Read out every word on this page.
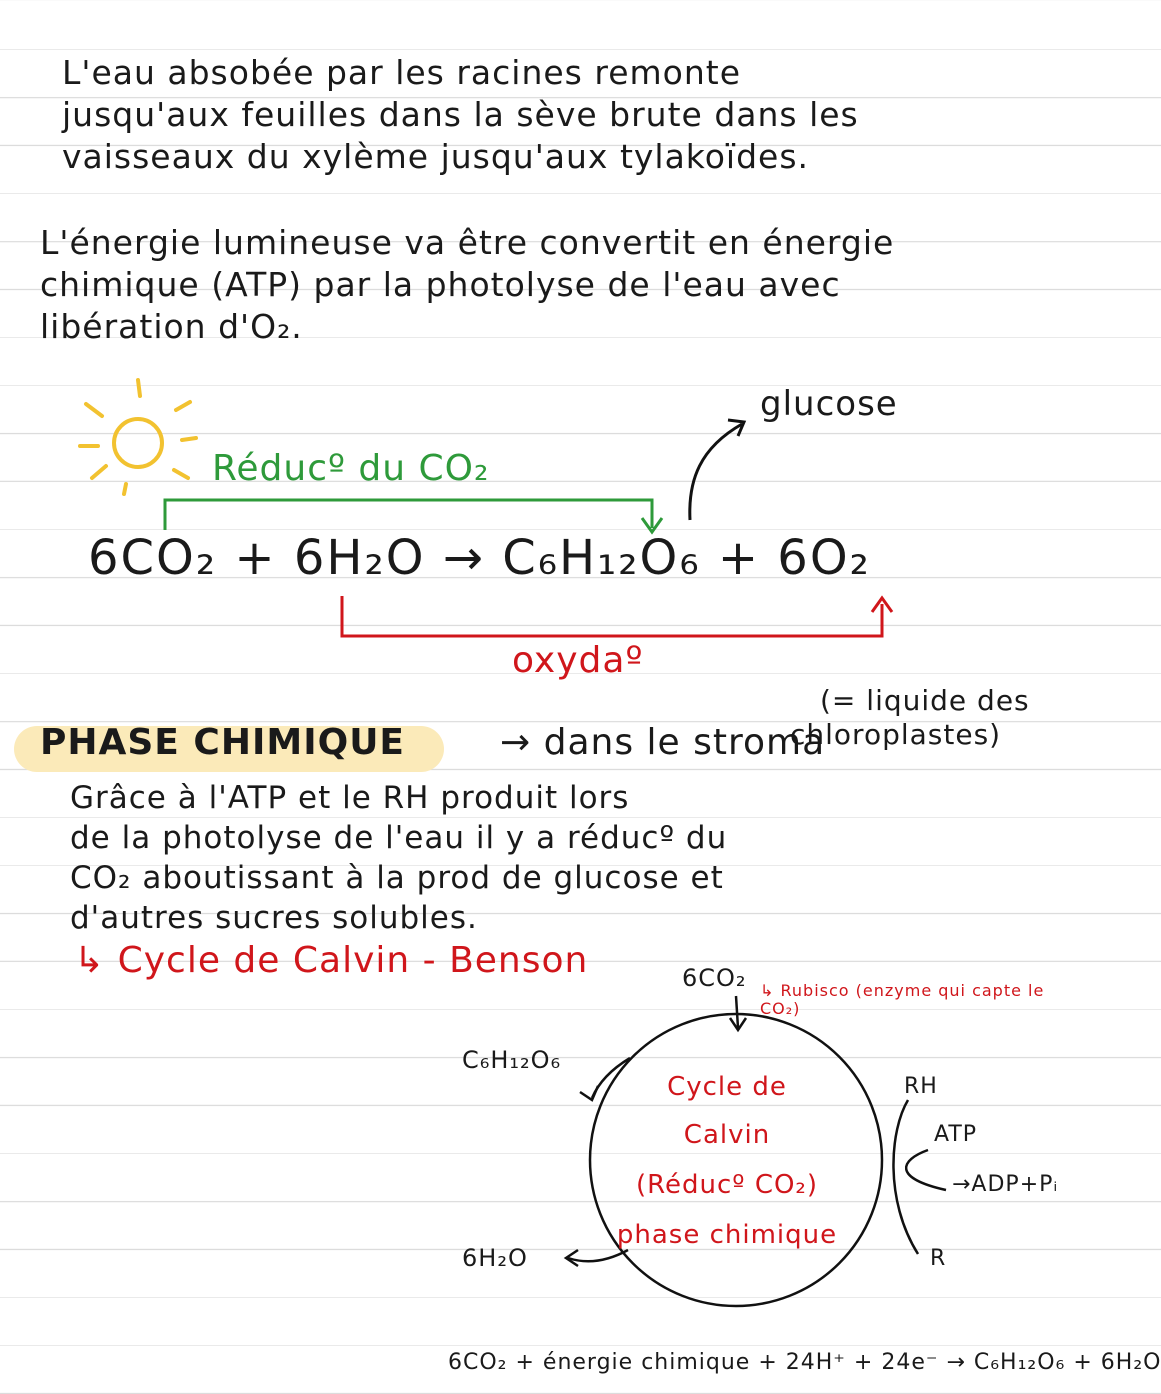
L'eau absobée par les racines remonte
jusqu'aux feuilles dans la sève brute dans les
vaisseaux du xylème jusqu'aux tylakoïdes.
L'énergie lumineuse va être convertit en énergie
chimique (ATP) par la photolyse de l'eau avec
libération d'O₂.
glucose
Réducº du CO₂
6CO₂ + 6H₂O → C₆H₁₂O₆ + 6O₂
oxydaº
(= liquide des
chloroplastes)
PHASE CHIMIQUE	→ dans le stroma
Grâce à l'ATP et le RH produit lors
de la photolyse de l'eau il y a réducº du
CO₂ aboutissant à la prod de glucose et
d'autres sucres solubles.
↳ Cycle de Calvin - Benson	6CO₂ ↳ Rubisco (enzyme qui capte le CO₂)
C₆H₁₂O₆
6H₂O
RH
ATP
→ADP+Pᵢ
R
Cycle de
Calvin
(Réducº CO₂)
phase chimique
6CO₂ + énergie chimique + 24H⁺ + 24e⁻ → C₆H₁₂O₆ + 6H₂O
